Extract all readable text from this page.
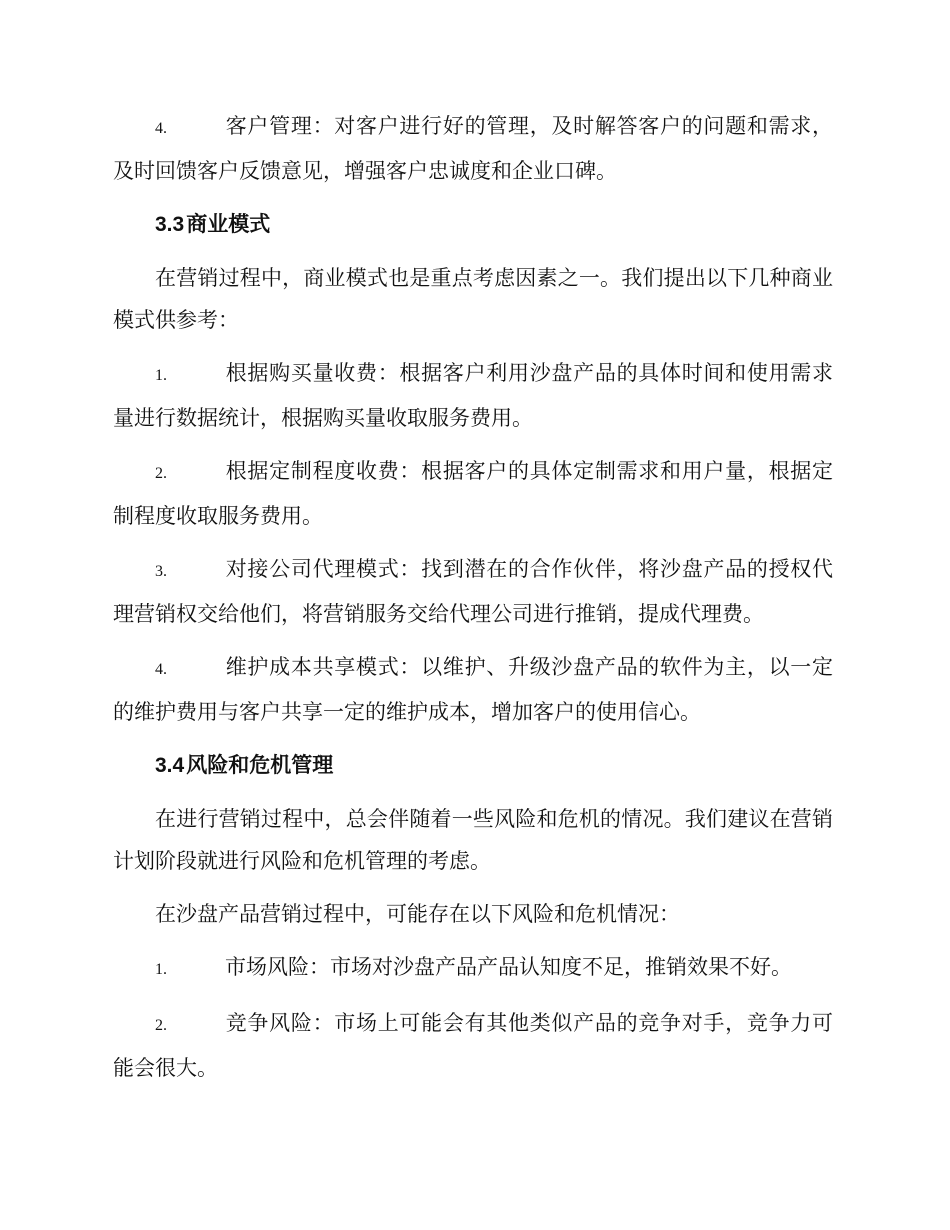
4.	客户管理：对客户进行好的管理，及时解答客户的问题和需求，及时回馈客户反馈意见，增强客户忠诚度和企业口碑。

3.3商业模式

在营销过程中，商业模式也是重点考虑因素之一。我们提出以下几种商业模式供参考：

1.	根据购买量收费：根据客户利用沙盘产品的具体时间和使用需求量进行数据统计，根据购买量收取服务费用。

2.	根据定制程度收费：根据客户的具体定制需求和用户量，根据定制程度收取服务费用。

3.	对接公司代理模式：找到潜在的合作伙伴，将沙盘产品的授权代理营销权交给他们，将营销服务交给代理公司进行推销，提成代理费。

4.	维护成本共享模式：以维护、升级沙盘产品的软件为主，以一定的维护费用与客户共享一定的维护成本，增加客户的使用信心。

3.4风险和危机管理

在进行营销过程中，总会伴随着一些风险和危机的情况。我们建议在营销计划阶段就进行风险和危机管理的考虑。

在沙盘产品营销过程中，可能存在以下风险和危机情况：

1.	市场风险：市场对沙盘产品产品认知度不足，推销效果不好。

2.	竞争风险：市场上可能会有其他类似产品的竞争对手，竞争力可能会很大。
